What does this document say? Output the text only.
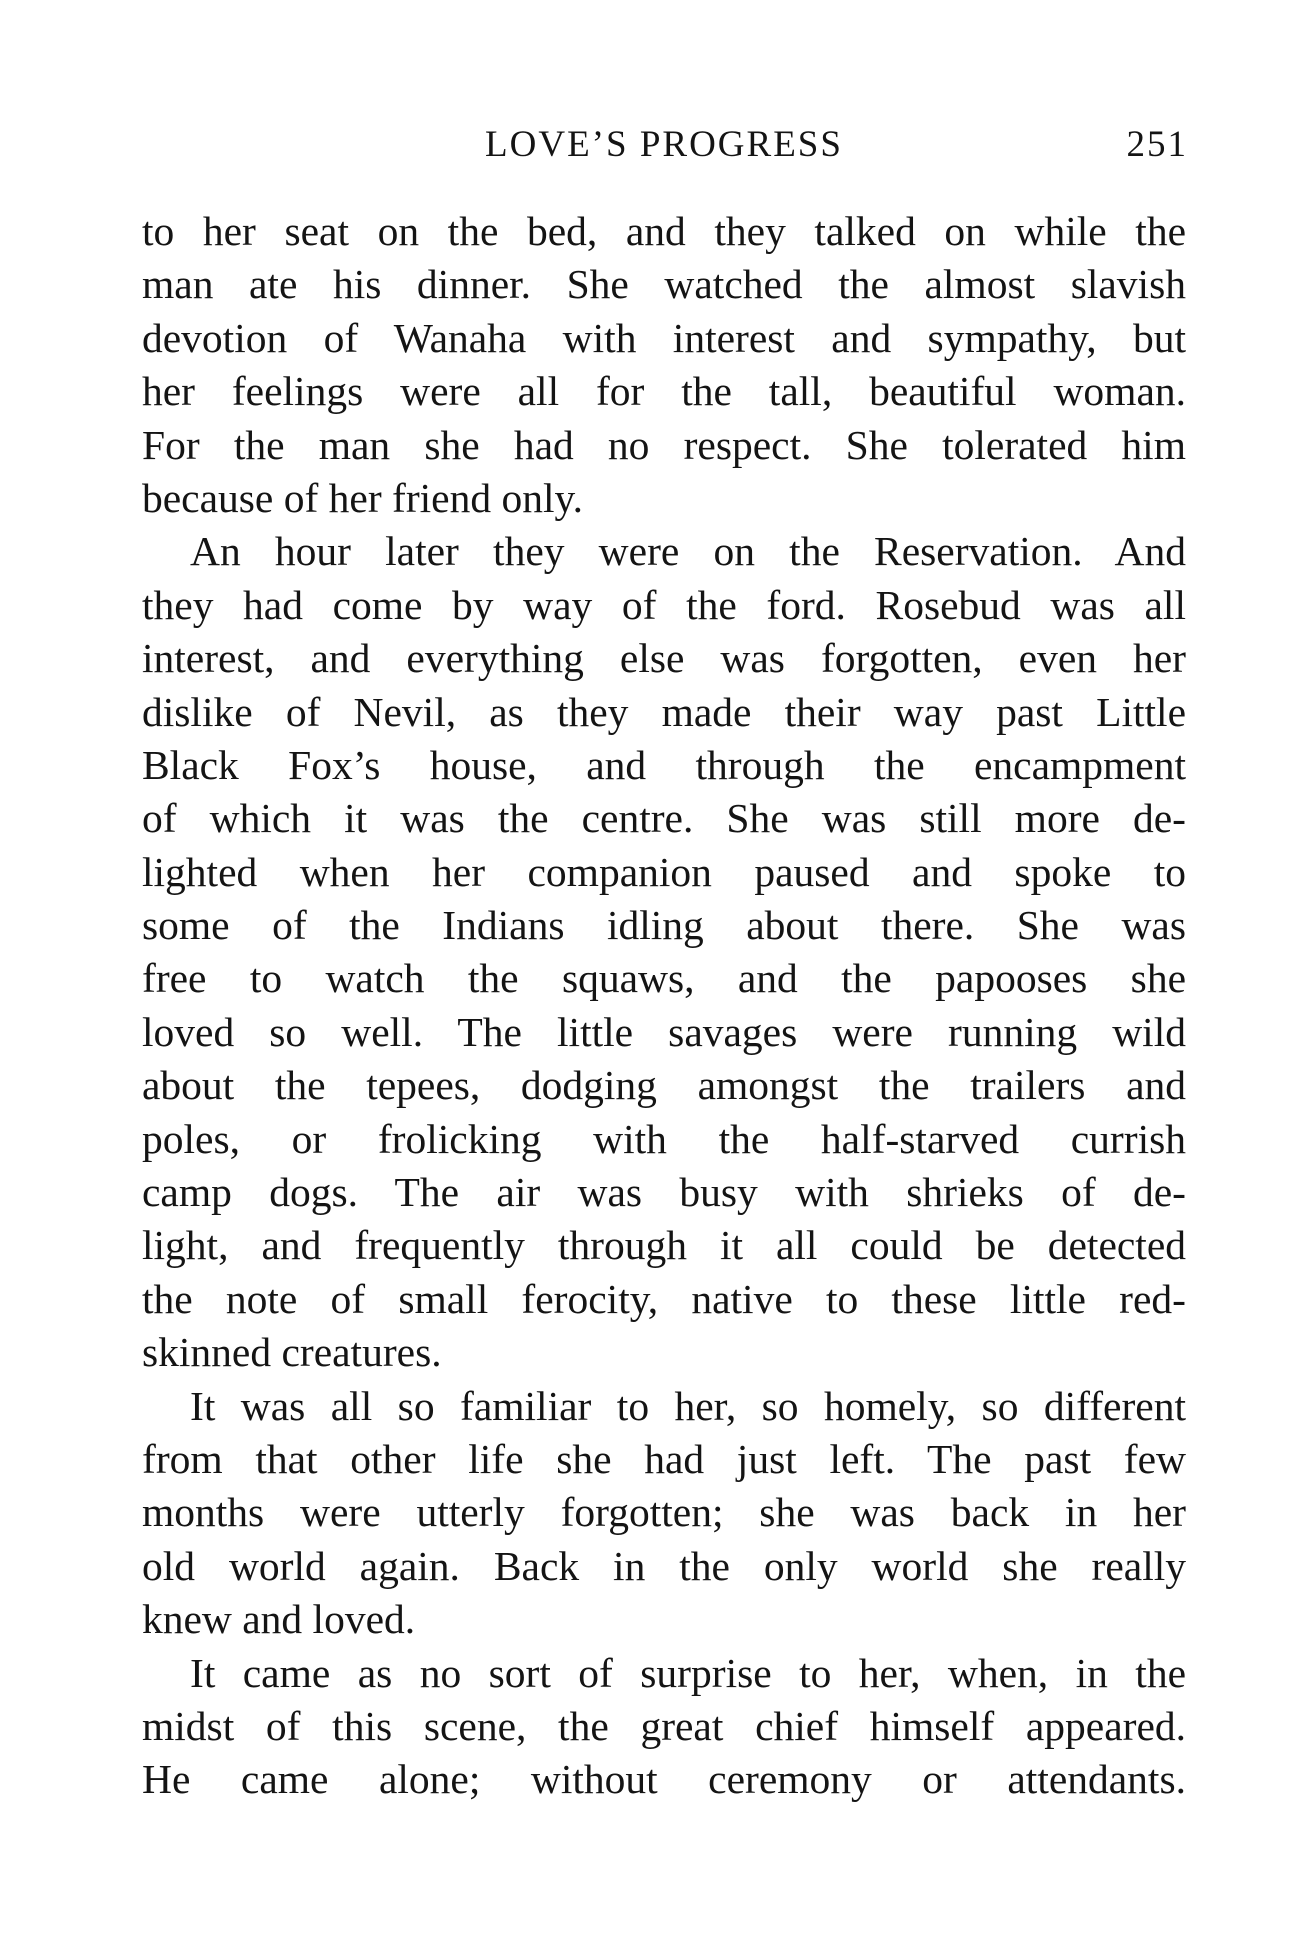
LOVE’S PROGRESS	251
to her seat on the bed, and they talked on while the
man ate his dinner. She watched the almost slavish
devotion of Wanaha with interest and sympathy, but
her feelings were all for the tall, beautiful woman.
For the man she had no respect. She tolerated him
because of her friend only.
An hour later they were on the Reservation. And
they had come by way of the ford. Rosebud was all
interest, and everything else was forgotten, even her
dislike of Nevil, as they made their way past Little
Black Fox’s house, and through the encampment
of which it was the centre. She was still more de-
lighted when her companion paused and spoke to
some of the Indians idling about there. She was
free to watch the squaws, and the papooses she
loved so well. The little savages were running wild
about the tepees, dodging amongst the trailers and
poles, or frolicking with the half-starved currish
camp dogs. The air was busy with shrieks of de-
light, and frequently through it all could be detected
the note of small ferocity, native to these little red-
skinned creatures.
It was all so familiar to her, so homely, so different
from that other life she had just left. The past few
months were utterly forgotten; she was back in her
old world again. Back in the only world she really
knew and loved.
It came as no sort of surprise to her, when, in the
midst of this scene, the great chief himself appeared.
He came alone; without ceremony or attendants.
